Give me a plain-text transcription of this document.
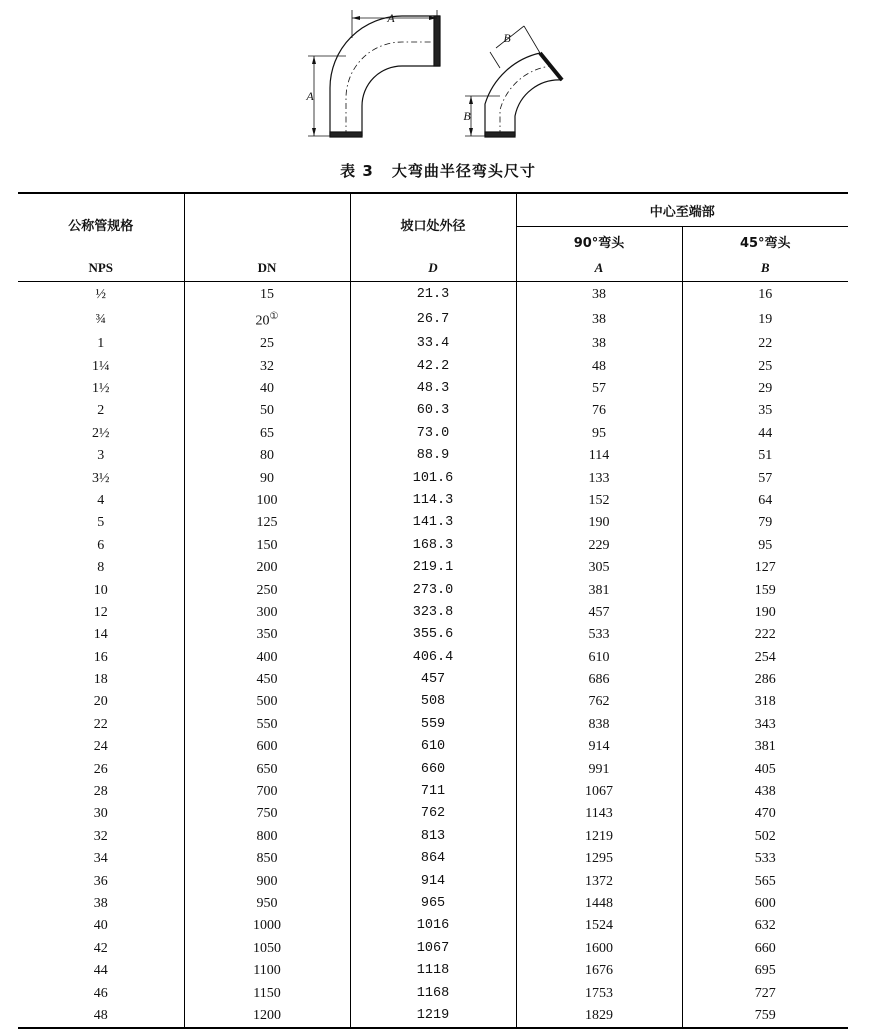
A
A
B
B
表 3 大弯曲半径弯头尺寸
公称管规格		坡口处外径	中心至端部	
			90°弯头	45°弯头
NPS	DN	D	A	B
½	15	21.3	38	16
¾	20①	26.7	38	19
1	25	33.4	38	22
1¼	32	42.2	48	25
1½	40	48.3	57	29
2	50	60.3	76	35
2½	65	73.0	95	44
3	80	88.9	114	51
3½	90	101.6	133	57
4	100	114.3	152	64
5	125	141.3	190	79
6	150	168.3	229	95
8	200	219.1	305	127
10	250	273.0	381	159
12	300	323.8	457	190
14	350	355.6	533	222
16	400	406.4	610	254
18	450	457	686	286
20	500	508	762	318
22	550	559	838	343
24	600	610	914	381
26	650	660	991	405
28	700	711	1067	438
30	750	762	1143	470
32	800	813	1219	502
34	850	864	1295	533
36	900	914	1372	565
38	950	965	1448	600
40	1000	1016	1524	632
42	1050	1067	1600	660
44	1100	1118	1676	695
46	1150	1168	1753	727
48	1200	1219	1829	759
